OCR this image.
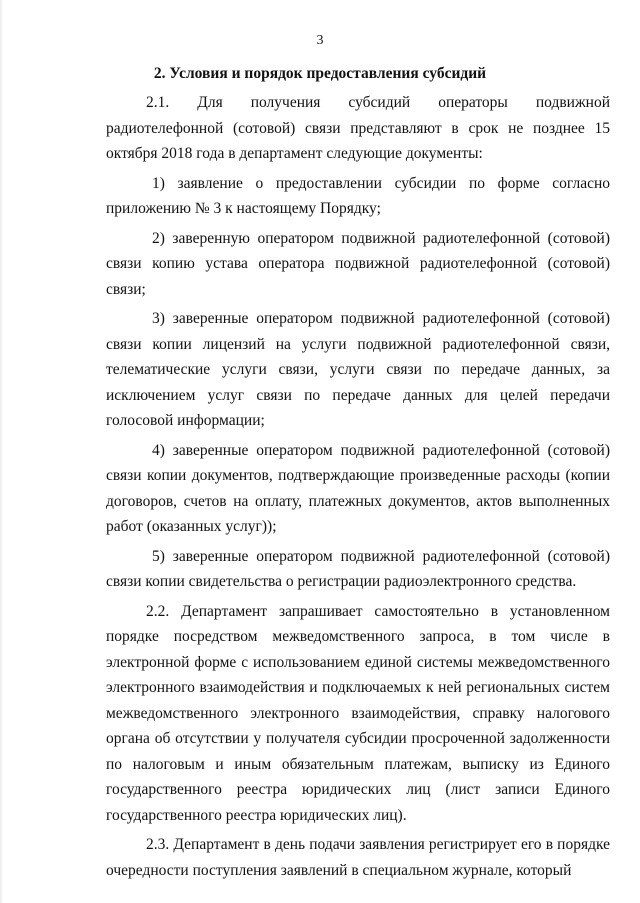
3
2. Условия и порядок предоставления субсидий

2.1. Для получения субсидий операторы подвижной радиотелефонной (сотовой) связи представляют в срок не позднее 15 октября 2018 года в департамент следующие документы:

1) заявление о предоставлении субсидии по форме согласно приложению № 3 к настоящему Порядку;

2) заверенную оператором подвижной радиотелефонной (сотовой) связи копию устава оператора подвижной радиотелефонной (сотовой) связи;

3) заверенные оператором подвижной радиотелефонной (сотовой) связи копии лицензий на услуги подвижной радиотелефонной связи, телематические услуги связи, услуги связи по передаче данных, за исключением услуг связи по передаче данных для целей передачи голосовой информации;

4) заверенные оператором подвижной радиотелефонной (сотовой) связи копии документов, подтверждающие произведенные расходы (копии договоров, счетов на оплату, платежных документов, актов выполненных работ (оказанных услуг));

5) заверенные оператором подвижной радиотелефонной (сотовой) связи копии свидетельства о регистрации радиоэлектронного средства.

2.2. Департамент запрашивает самостоятельно в установленном порядке посредством межведомственного запроса, в том числе в электронной форме с использованием единой системы межведомственного электронного взаимодействия и подключаемых к ней региональных систем межведомственного электронного взаимодействия, справку налогового органа об отсутствии у получателя субсидии просроченной задолженности по налоговым и иным обязательным платежам, выписку из Единого государственного реестра юридических лиц (лист записи Единого государственного реестра юридических лиц).

2.3. Департамент в день подачи заявления регистрирует его в порядке очередности поступления заявлений в специальном журнале, который
